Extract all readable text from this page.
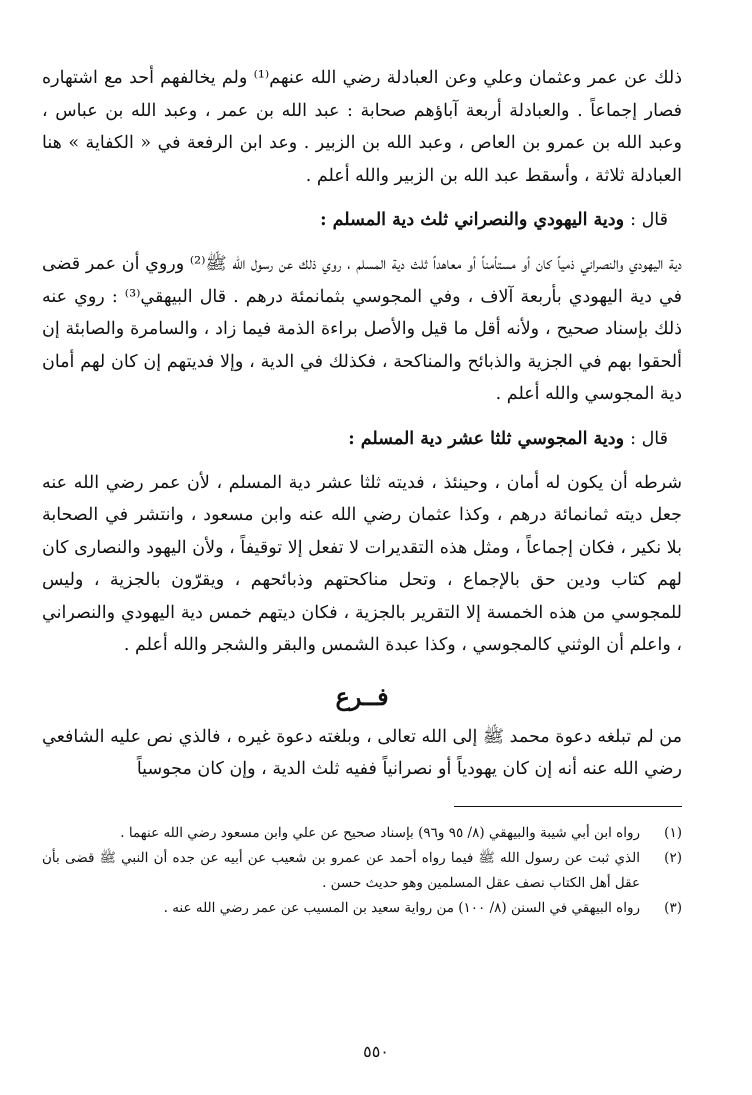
ذلك عن عمر وعثمان وعلي وعن العبادلة رضي الله عنهم⁽¹⁾ ولم يخالفهم أحد مع اشتهاره فصار إجماعاً . والعبادلة أربعة آباؤهم صحابة : عبد الله بن عمر ، وعبد الله بن عباس ، وعبد الله بن عمرو بن العاص ، وعبد الله بن الزبير . وعد ابن الرفعة في « الكفاية » هنا العبادلة ثلاثة ، وأسقط عبد الله بن الزبير والله أعلم .

قال : ودية اليهودي والنصراني ثلث دية المسلم :

دية اليهودي والنصراني ذمياً كان أو مستأمناً أو معاهداً ثلث دية المسلم ، روي ذلك عن رسول الله ﷺ⁽²⁾ وروي أن عمر قضى في دية اليهودي بأربعة آلاف ، وفي المجوسي بثمانمئة درهم . قال البيهقي⁽³⁾ : روي عنه ذلك بإسناد صحيح ، ولأنه أقل ما قيل والأصل براءة الذمة فيما زاد ، والسامرة والصابئة إن ألحقوا بهم في الجزية والذبائح والمناكحة ، فكذلك في الدية ، وإلا فديتهم إن كان لهم أمان دية المجوسي والله أعلم .

قال : ودية المجوسي ثلثا عشر دية المسلم :

شرطه أن يكون له أمان ، وحينئذ ، فديته ثلثا عشر دية المسلم ، لأن عمر رضي الله عنه جعل ديته ثمانمائة درهم ، وكذا عثمان رضي الله عنه وابن مسعود ، وانتشر في الصحابة بلا نكير ، فكان إجماعاً ، ومثل هذه التقديرات لا تفعل إلا توقيفاً ، ولأن اليهود والنصارى كان لهم كتاب ودين حق بالإجماع ، وتحل مناكحتهم وذبائحهم ، ويقرّون بالجزية ، وليس للمجوسي من هذه الخمسة إلا التقرير بالجزية ، فكان ديتهم خمس دية اليهودي والنصراني ، واعلم أن الوثني كالمجوسي ، وكذا عبدة الشمس والبقر والشجر والله أعلم .

فــرع

من لم تبلغه دعوة محمد ﷺ إلى الله تعالى ، وبلغته دعوة غيره ، فالذي نص عليه الشافعي رضي الله عنه أنه إن كان يهودياً أو نصرانياً ففيه ثلث الدية ، وإن كان مجوسياً

(١)
رواه ابن أبي شيبة والبيهقي (٨/ ٩٥ و٩٦) بإسناد صحيح عن علي وابن مسعود رضي الله عنهما .
(٢)
الذي ثبت عن رسول الله ﷺ فيما رواه أحمد عن عمرو بن شعيب عن أبيه عن جده أن النبي ﷺ قضى بأن عقل أهل الكتاب نصف عقل المسلمين وهو حديث حسن .
(٣)
رواه البيهقي في السنن (٨/ ١٠٠) من رواية سعيد بن المسيب عن عمر رضي الله عنه .
٥٥٠
